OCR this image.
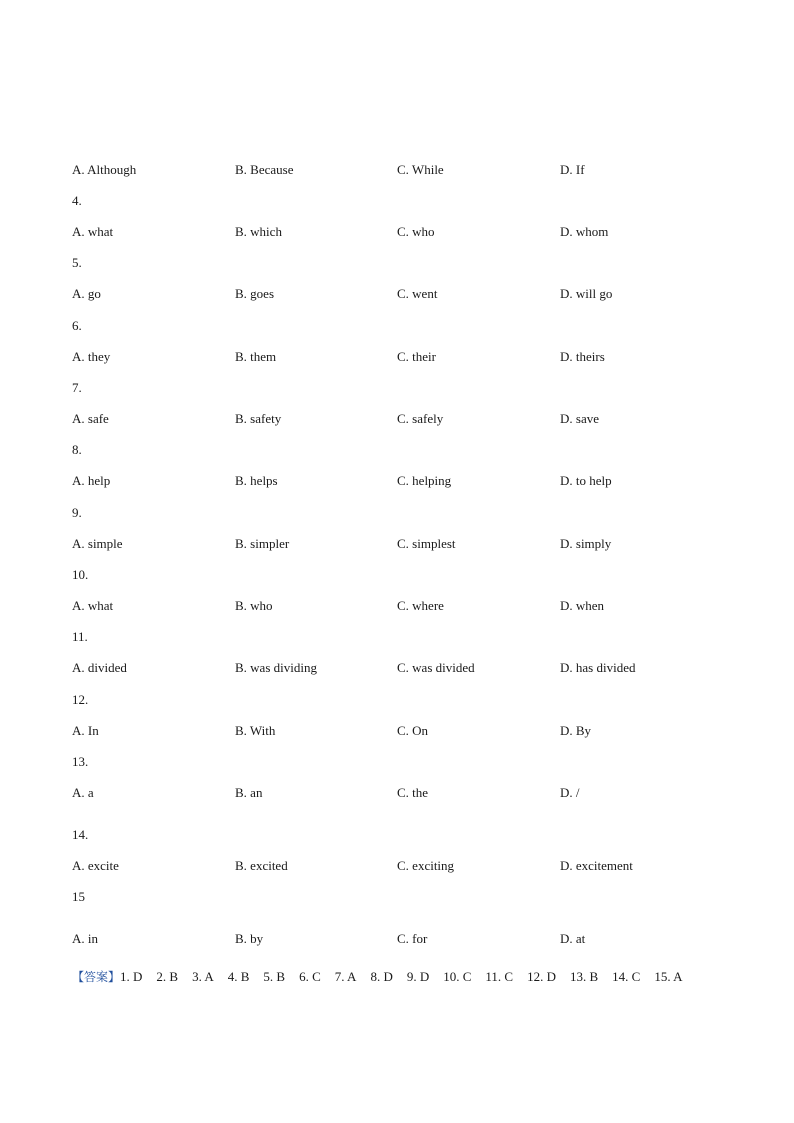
A. Although	B. Because	C. While	D. If
4.
A. what	B. which	C. who	D. whom
5.
A. go	B. goes	C. went	D. will go
6.
A. they	B. them	C. their	D. theirs
7.
A. safe	B. safety	C. safely	D. save
8.
A. help	B. helps	C. helping	D. to help
9.
A. simple	B. simpler	C. simplest	D. simply
10.
A. what	B. who	C. where	D. when
11.
A. divided	B. was dividing	C. was divided	D. has divided
12.
A. In	B. With	C. On	D. By
13.
A. a	B. an	C. the	D. /
14.
A. excite	B. excited	C. exciting	D. excitement
15
A. in	B. by	C. for	D. at
【答案】1. D 2. B 3. A 4. B 5. B 6. C 7. A 8. D 9. D 10. C 11. C 12. D 13. B 14. C 15. A
